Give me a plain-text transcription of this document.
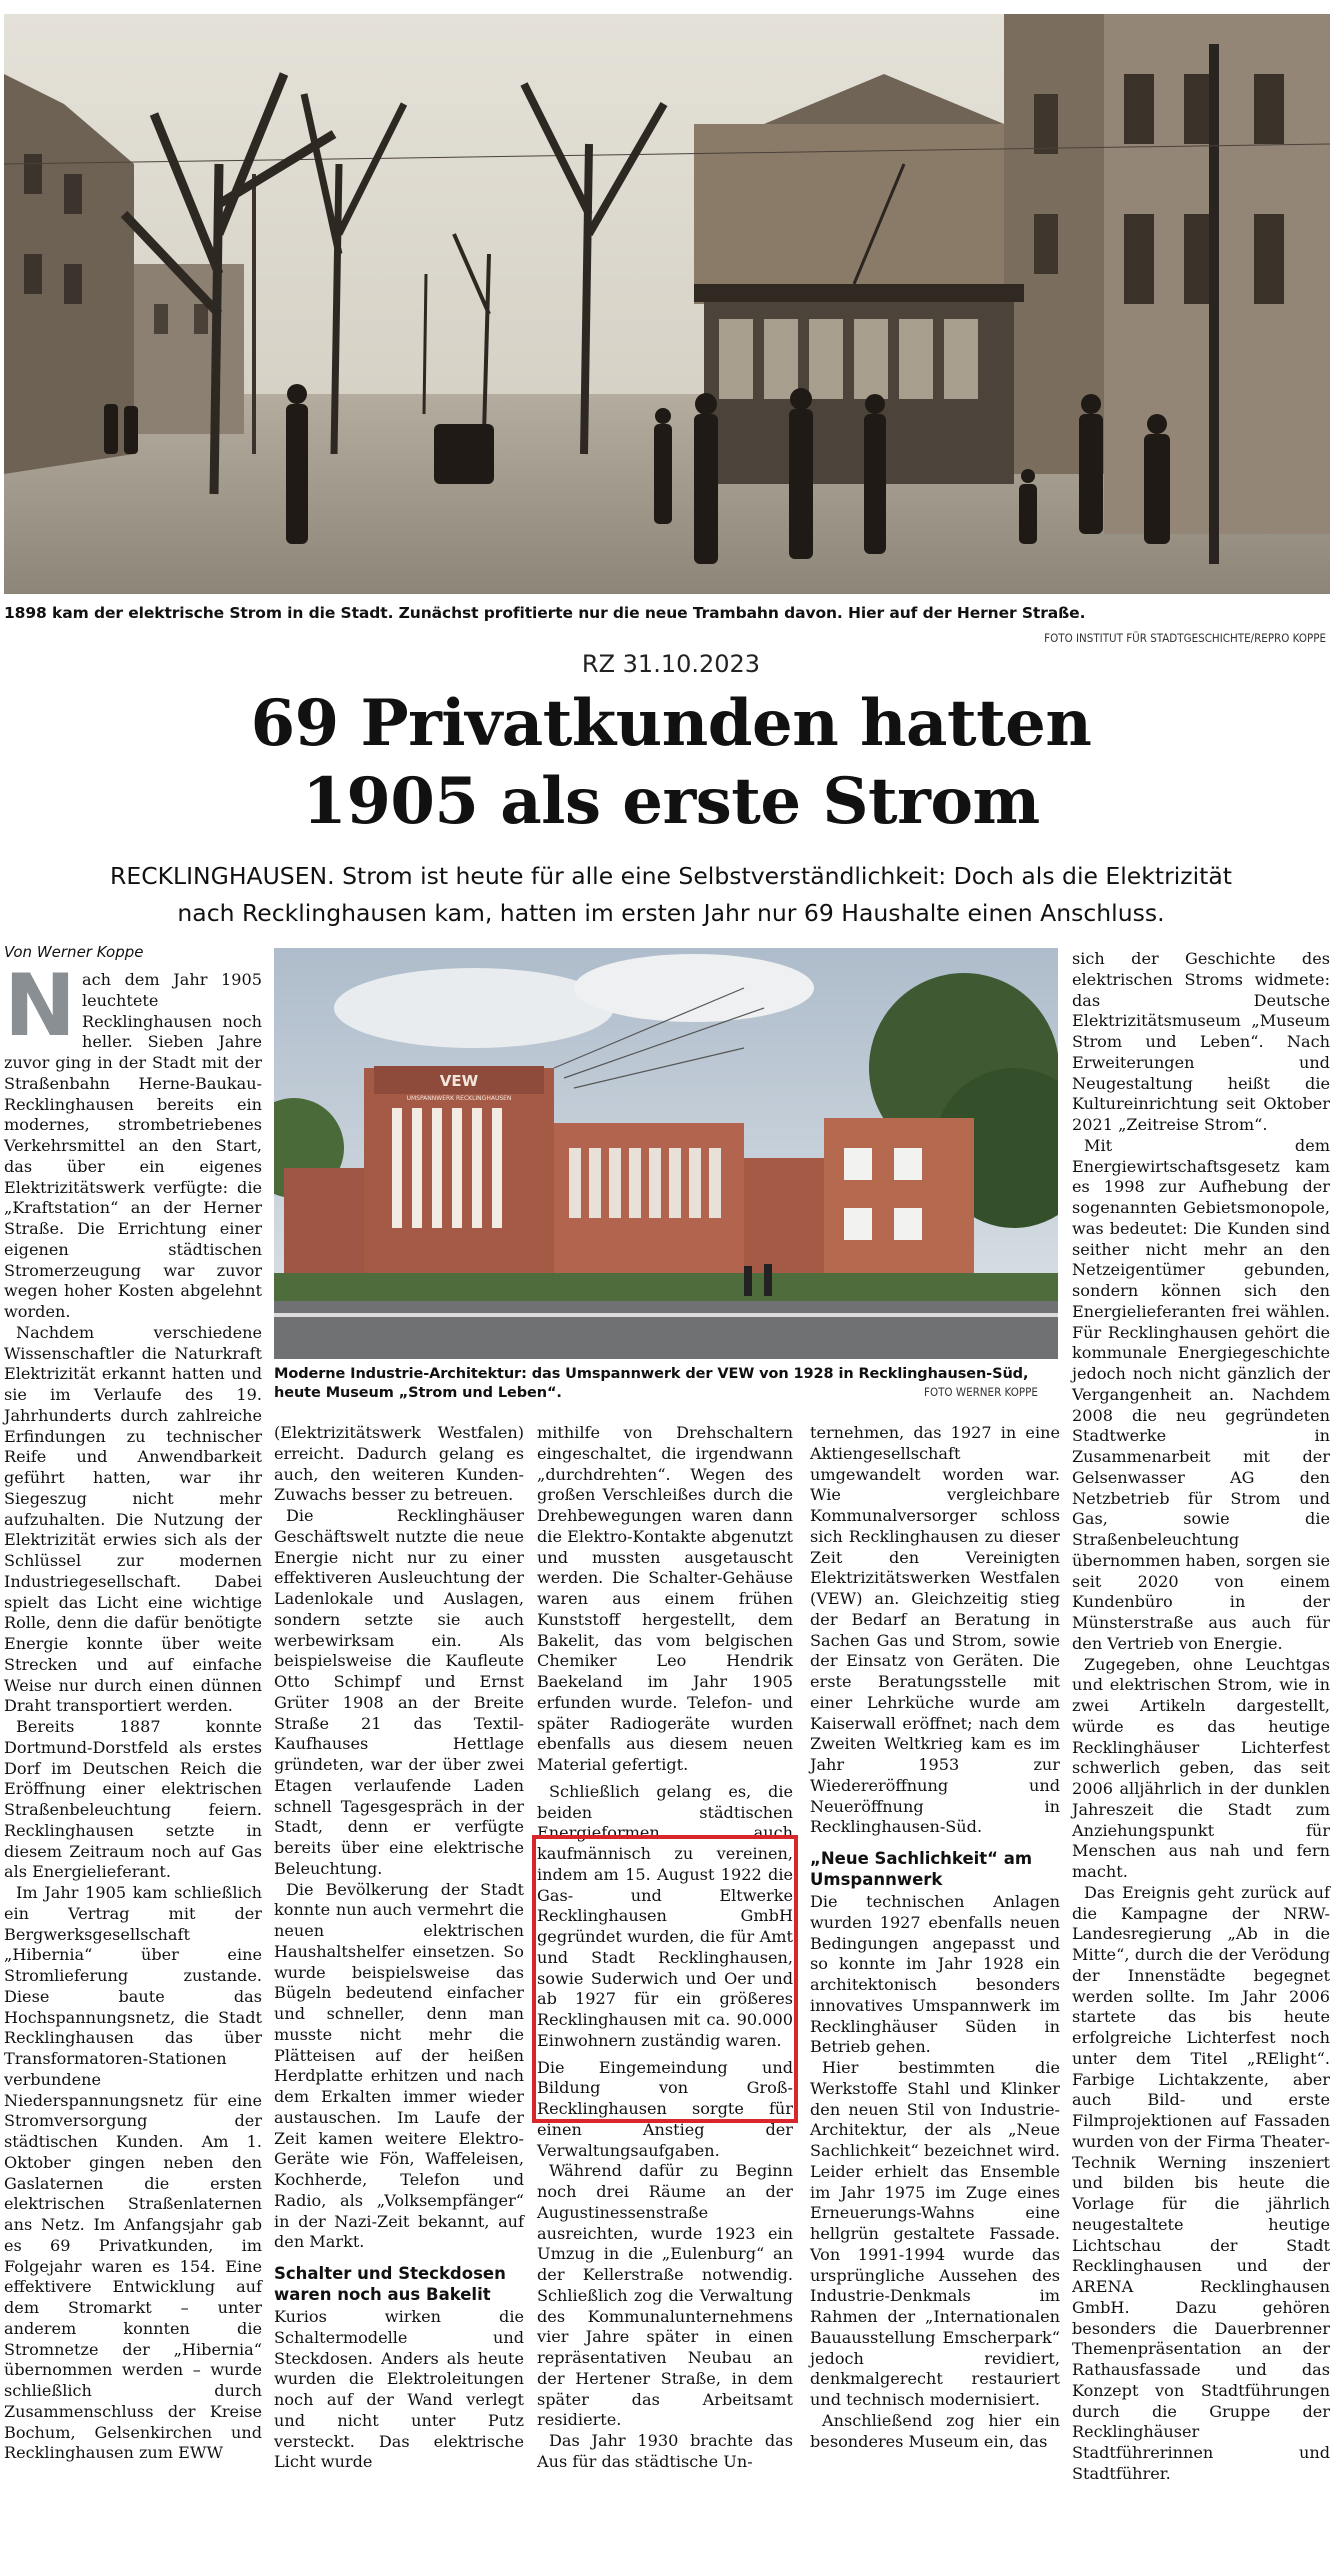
1898 kam der elektrische Strom in die Stadt. Zunächst profitierte nur die neue Trambahn davon. Hier auf der Herner Straße.
FOTO INSTITUT FÜR STADTGESCHICHTE/REPRO KOPPE
RZ 31.10.2023
69 Privatkunden hatten
1905 als erste Strom
RECKLINGHAUSEN. Strom ist heute für alle eine Selbstverständlichkeit: Doch als die Elektrizität
nach Recklinghausen kam, hatten im ersten Jahr nur 69 Haushalte einen Anschluss.
Von Werner Koppe
VEW
UMSPANNWERK RECKLINGHAUSEN
Moderne Industrie-Architektur: das Umspannwerk der VEW von 1928 in Recklinghausen-Süd,
heute Museum „Strom und Leben“.	FOTO WERNER KOPPE

Nach dem Jahr 1905 leuchtete Recklinghausen noch heller. Sieben Jahre zuvor ging in der Stadt mit der Straßenbahn Herne-Baukau-Recklinghausen bereits ein modernes, strombetriebenes Verkehrsmittel an den Start, das über ein eigenes Elektrizitätswerk verfügte: die „Kraftstation“ an der Herner Straße. Die Errichtung einer eigenen städtischen Stromerzeugung war zuvor wegen hoher Kosten abgelehnt worden.

Nachdem verschiedene Wissenschaftler die Naturkraft Elektrizität erkannt hatten und sie im Verlaufe des 19. Jahrhunderts durch zahlreiche Erfindungen zu technischer Reife und Anwendbarkeit geführt hatten, war ihr Siegeszug nicht mehr aufzuhalten. Die Nutzung der Elektrizität erwies sich als der Schlüssel zur modernen Industriegesellschaft. Dabei spielt das Licht eine wichtige Rolle, denn die dafür benötigte Energie konnte über weite Strecken und auf einfache Weise nur durch einen dünnen Draht transportiert werden.

Bereits 1887 konnte Dortmund-Dorstfeld als erstes Dorf im Deutschen Reich die Eröffnung einer elektrischen Straßenbeleuchtung feiern. Recklinghausen setzte in diesem Zeitraum noch auf Gas als Energielieferant.

Im Jahr 1905 kam schließlich ein Vertrag mit der Bergwerksgesellschaft „Hibernia“ über eine Stromlieferung zustande. Diese baute das Hochspannungsnetz, die Stadt Recklinghausen das über Transformatoren-Stationen verbundene Niederspannungsnetz für eine Stromversorgung der städtischen Kunden. Am 1. Oktober gingen neben den Gaslaternen die ersten elektrischen Straßenlaternen ans Netz. Im Anfangsjahr gab es 69 Privatkunden, im Folgejahr waren es 154. Eine effektivere Entwicklung auf dem Stromarkt – unter anderem konnten die Stromnetze der „Hibernia“ übernommen werden – wurde schließlich durch Zusammenschluss der Kreise Bochum, Gelsenkirchen und Recklinghausen zum EWW

(Elektrizitätswerk Westfalen) erreicht. Dadurch gelang es auch, den weiteren Kunden-Zuwachs besser zu betreuen.

Die Recklinghäuser Geschäftswelt nutzte die neue Energie nicht nur zu einer effektiveren Ausleuchtung der Ladenlokale und Auslagen, sondern setzte sie auch werbewirksam ein. Als beispielsweise die Kaufleute Otto Schimpf und Ernst Grüter 1908 an der Breite Straße 21 das Textil-Kaufhauses Hettlage gründeten, war der über zwei Etagen verlaufende Laden schnell Tagesgespräch in der Stadt, denn er verfügte bereits über eine elektrische Beleuchtung.

Die Bevölkerung der Stadt konnte nun auch vermehrt die neuen elektrischen Haushaltshelfer einsetzen. So wurde beispielsweise das Bügeln bedeutend einfacher und schneller, denn man musste nicht mehr die Plätteisen auf der heißen Herdplatte erhitzen und nach dem Erkalten immer wieder austauschen. Im Laufe der Zeit kamen weitere Elektro-Geräte wie Fön, Waffeleisen, Kochherde, Telefon und Radio, als „Volksempfänger“ in der Nazi-Zeit bekannt, auf den Markt.

Schalter und Steckdosen waren noch aus Bakelit

Kurios wirken die Schaltermodelle und Steckdosen. Anders als heute wurden die Elektroleitungen noch auf der Wand verlegt und nicht unter Putz versteckt. Das elektrische Licht wurde

mithilfe von Drehschaltern eingeschaltet, die irgendwann „durchdrehten“. Wegen des großen Verschleißes durch die Drehbewegungen waren dann die Elektro-Kontakte abgenutzt und mussten ausgetauscht werden. Die Schalter-Gehäuse waren aus einem frühen Kunststoff hergestellt, dem Bakelit, das vom belgischen Chemiker Leo Hendrik Baekeland im Jahr 1905 erfunden wurde. Telefon- und später Radiogeräte wurden ebenfalls aus diesem neuen Material gefertigt.

Schließlich gelang es, die beiden städtischen Energieformen auch kaufmännisch zu vereinen, indem am 15. August 1922 die Gas- und Eltwerke Recklinghausen GmbH gegründet wurden, die für Amt und Stadt Recklinghausen, sowie Suderwich und Oer und ab 1927 für ein größeres Recklinghausen mit ca. 90.000 Einwohnern zuständig waren.

Die Eingemeindung und Bildung von Groß-Recklinghausen sorgte für einen Anstieg der Verwaltungsaufgaben.

Während dafür zu Beginn noch drei Räume an der Augustinessenstraße ausreichten, wurde 1923 ein Umzug in die „Eulenburg“ an der Kellerstraße notwendig. Schließlich zog die Verwaltung des Kommunalunternehmens vier Jahre später in einen repräsentativen Neubau an der Hertener Straße, in dem später das Arbeitsamt residierte.

Das Jahr 1930 brachte das Aus für das städtische Un-

ternehmen, das 1927 in eine Aktiengesellschaft umgewandelt worden war. Wie vergleichbare Kommunalversorger schloss sich Recklinghausen zu dieser Zeit den Vereinigten Elektrizitätswerken Westfalen (VEW) an. Gleichzeitig stieg der Bedarf an Beratung in Sachen Gas und Strom, sowie der Einsatz von Geräten. Die erste Beratungsstelle mit einer Lehrküche wurde am Kaiserwall eröffnet; nach dem Zweiten Weltkrieg kam es im Jahr 1953 zur Wiedereröffnung und Neueröffnung in Recklinghausen-Süd.

„Neue Sachlichkeit“ am Umspannwerk

Die technischen Anlagen wurden 1927 ebenfalls neuen Bedingungen angepasst und so konnte im Jahr 1928 ein architektonisch besonders innovatives Umspannwerk im Recklinghäuser Süden in Betrieb gehen.

Hier bestimmten die Werkstoffe Stahl und Klinker den neuen Stil von Industrie-Architektur, der als „Neue Sachlichkeit“ bezeichnet wird. Leider erhielt das Ensemble im Jahr 1975 im Zuge eines Erneuerungs-Wahns eine hellgrün gestaltete Fassade. Von 1991-1994 wurde das ursprüngliche Aussehen des Industrie-Denkmals im Rahmen der „Internationalen Bauausstellung Emscherpark“ jedoch revidiert, denkmalgerecht restauriert und technisch modernisiert.

Anschließend zog hier ein besonderes Museum ein, das

sich der Geschichte des elektrischen Stroms widmete: das Deutsche Elektrizitätsmuseum „Museum Strom und Leben“. Nach Erweiterungen und Neugestaltung heißt die Kultureinrichtung seit Oktober 2021 „Zeitreise Strom“.

Mit dem Energiewirtschaftsgesetz kam es 1998 zur Aufhebung der sogenannten Gebietsmonopole, was bedeutet: Die Kunden sind seither nicht mehr an den Netzeigentümer gebunden, sondern können sich den Energielieferanten frei wählen. Für Recklinghausen gehört die kommunale Energiegeschichte jedoch noch nicht gänzlich der Vergangenheit an. Nachdem 2008 die neu gegründeten Stadtwerke in Zusammenarbeit mit der Gelsenwasser AG den Netzbetrieb für Strom und Gas, sowie die Straßenbeleuchtung übernommen haben, sorgen sie seit 2020 von einem Kundenbüro in der Münsterstraße aus auch für den Vertrieb von Energie.

Zugegeben, ohne Leuchtgas und elektrischen Strom, wie in zwei Artikeln dargestellt, würde es das heutige Recklinghäuser Lichterfest schwerlich geben, das seit 2006 alljährlich in der dunklen Jahreszeit die Stadt zum Anziehungspunkt für Menschen aus nah und fern macht.

Das Ereignis geht zurück auf die Kampagne der NRW-Landesregierung „Ab in die Mitte“, durch die der Verödung der Innenstädte begegnet werden sollte. Im Jahr 2006 startete das bis heute erfolgreiche Lichterfest noch unter dem Titel „RElight“. Farbige Lichtakzente, aber auch Bild- und erste Filmprojektionen auf Fassaden wurden von der Firma Theater-Technik Werning inszeniert und bilden bis heute die Vorlage für die jährlich neugestaltete heutige Lichtschau der Stadt Recklinghausen und der ARENA Recklinghausen GmbH. Dazu gehören besonders die Dauerbrenner Themenpräsentation an der Rathausfassade und das Konzept von Stadtführungen durch die Gruppe der Recklinghäuser Stadtführerinnen und Stadtführer.
